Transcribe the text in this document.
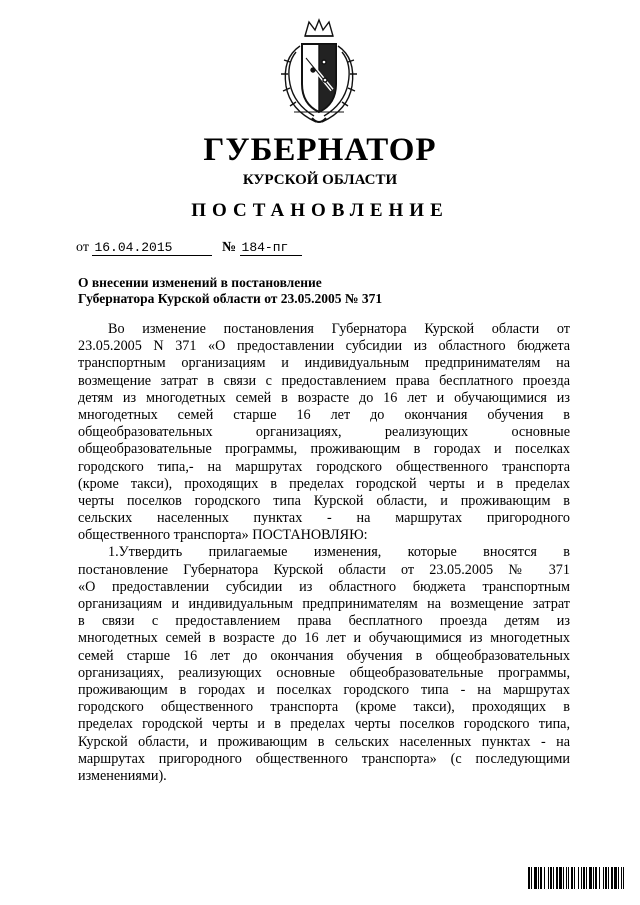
ГУБЕРНАТОР
КУРСКОЙ ОБЛАСТИ
ПОСТАНОВЛЕНИЕ
от 16.04.2015	№ 184-пг
О внесении изменений в постановление
Губернатора Курской области от 23.05.2005 № 371
Во изменение постановления Губернатора Курской области от
23.05.2005 N 371 «О предоставлении субсидии из областного бюджета
транспортным организациям и индивидуальным предпринимателям на
возмещение затрат в связи с предоставлением права бесплатного проезда
детям из многодетных семей в возрасте до 16 лет и обучающимися из
многодетных семей старше 16 лет до окончания обучения в
общеобразовательных организациях, реализующих основные
общеобразовательные программы, проживающим в городах и поселках
городского типа,- на маршрутах городского общественного транспорта
(кроме такси), проходящих в пределах городской черты и в пределах
черты поселков городского типа Курской области, и проживающим в
сельских населенных пунктах - на маршрутах пригородного
общественного транспорта» ПОСТАНОВЛЯЮ:
1.Утвердить прилагаемые изменения, которые вносятся в
постановление Губернатора Курской области от 23.05.2005 № 371
«О предоставлении субсидии из областного бюджета транспортным
организациям и индивидуальным предпринимателям на возмещение затрат
в связи с предоставлением права бесплатного проезда детям из
многодетных семей в возрасте до 16 лет и обучающимися из многодетных
семей старше 16 лет до окончания обучения в общеобразовательных
организациях, реализующих основные общеобразовательные программы,
проживающим в городах и поселках городского типа - на маршрутах
городского общественного транспорта (кроме такси), проходящих в
пределах городской черты и в пределах черты поселков городского типа,
Курской области, и проживающим в сельских населенных пунктах - на
маршрутах пригородного общественного транспорта» (с последующими
изменениями).
